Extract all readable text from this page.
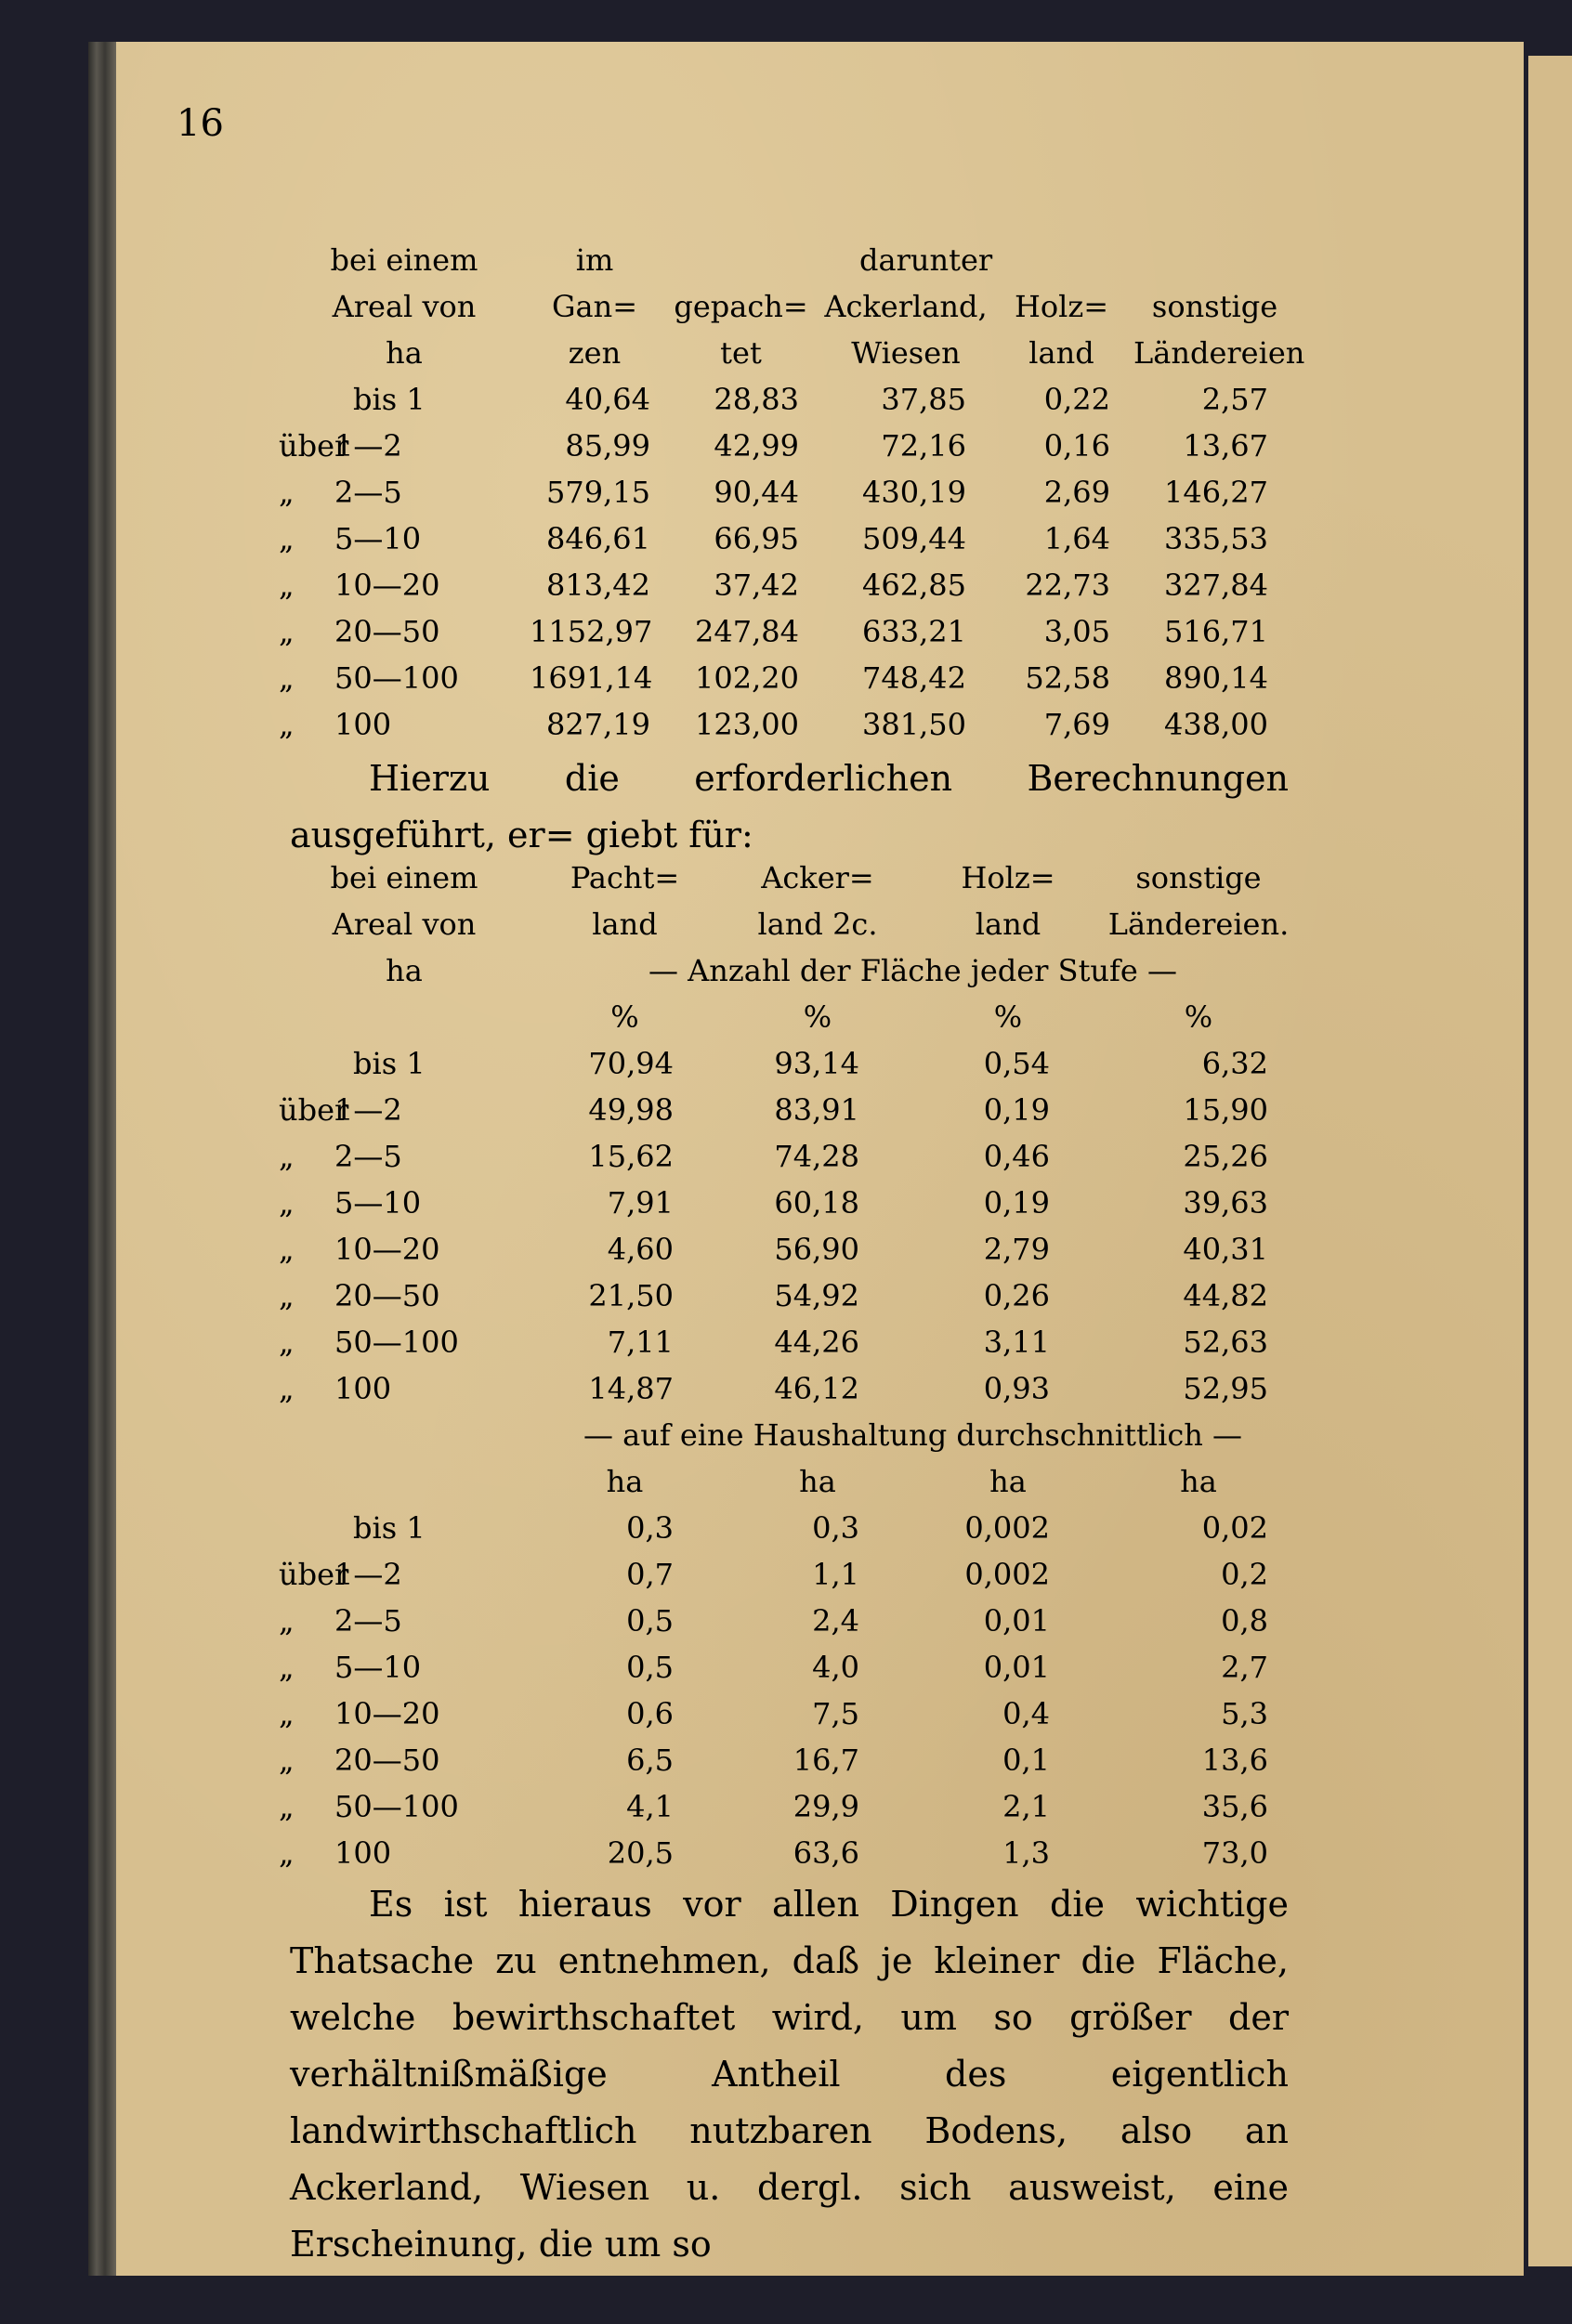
16
bei einem	im		darunter		
Areal von	Gan=	gepach=	Ackerland,	Holz=	sonstige
ha	zen	tet	Wiesen	land	Ländereien
bis 1	40,64	28,83	37,85	0,22	2,57
über1—2	85,99	42,99	72,16	0,16	13,67
„ 2—5	579,15	90,44	430,19	2,69	146,27
„ 5—10	846,61	66,95	509,44	1,64	335,53
„ 10—20	813,42	37,42	462,85	22,73	327,84
„ 20—50	1152,97	247,84	633,21	3,05	516,71
„ 50—100	1691,14	102,20	748,42	52,58	890,14
„ 100	827,19	123,00	381,50	7,69	438,00

Hierzu die erforderlichen Berechnungen ausgeführt, er= giebt für:

bei einem	Pacht=	Acker=	Holz=	sonstige
Areal von	land	land 2c.	land	Ländereien.
ha	— Anzahl der Fläche jeder Stufe —			
	%	%	%	%
bis 1	70,94	93,14	0,54	6,32
über1—2	49,98	83,91	0,19	15,90
„ 2—5	15,62	74,28	0,46	25,26
„ 5—10	7,91	60,18	0,19	39,63
„ 10—20	4,60	56,90	2,79	40,31
„ 20—50	21,50	54,92	0,26	44,82
„ 50—100	7,11	44,26	3,11	52,63
„ 100	14,87	46,12	0,93	52,95
	— auf eine Haushaltung durchschnittlich —			
	ha	ha	ha	ha
bis 1	0,3	0,3	0,002	0,02
über1—2	0,7	1,1	0,002	0,2
„ 2—5	0,5	2,4	0,01	0,8
„ 5—10	0,5	4,0	0,01	2,7
„ 10—20	0,6	7,5	0,4	5,3
„ 20—50	6,5	16,7	0,1	13,6
„ 50—100	4,1	29,9	2,1	35,6
„ 100	20,5	63,6	1,3	73,0

Es ist hieraus vor allen Dingen die wichtige Thatsache zu entnehmen, daß je kleiner die Fläche, welche bewirthschaftet wird, um so größer der verhältnißmäßige Antheil des eigentlich landwirthschaftlich nutzbaren Bodens, also an Ackerland, Wiesen u. dergl. sich ausweist, eine Erscheinung, die um so
